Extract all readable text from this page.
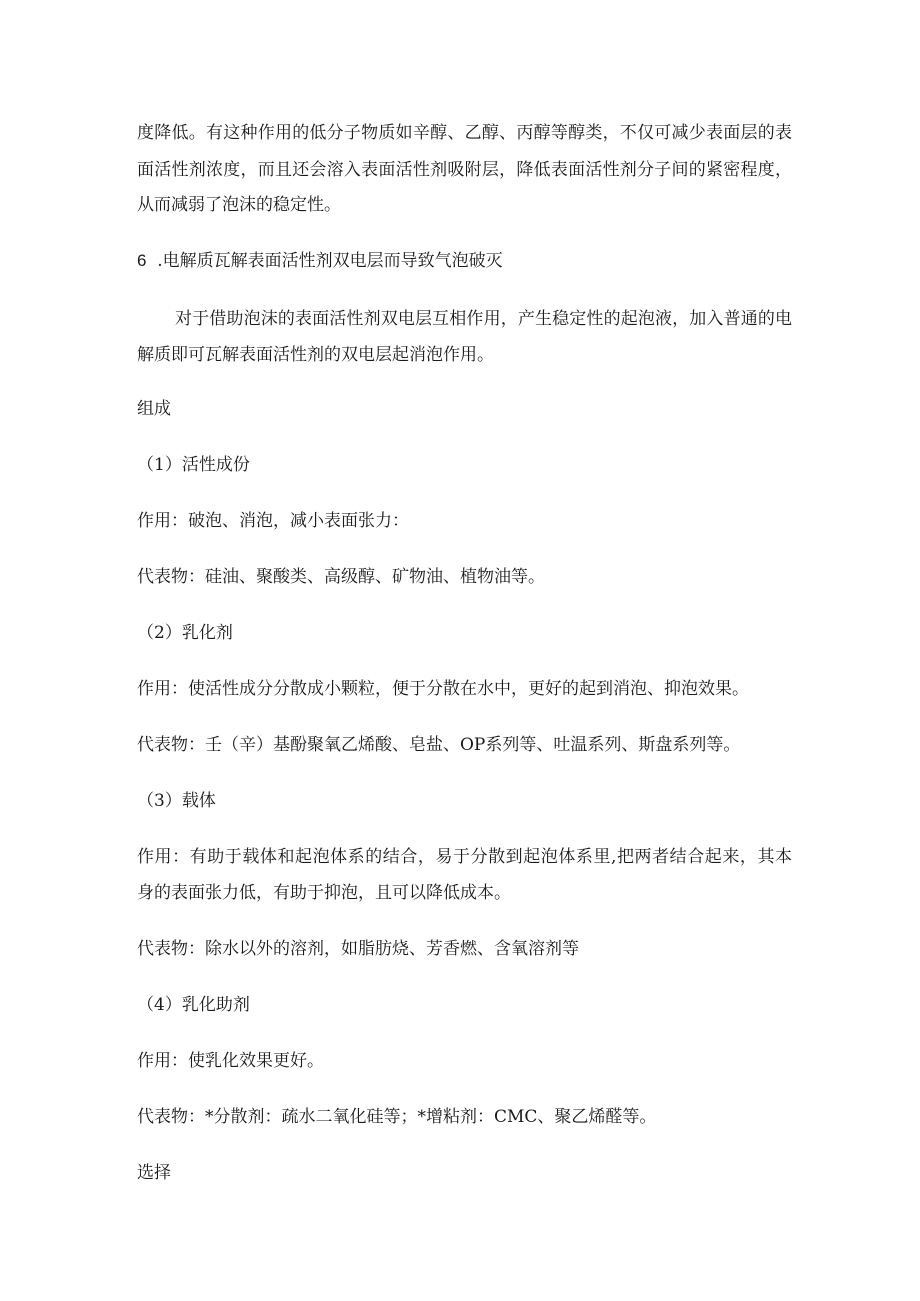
度降低。有这种作用的低分子物质如辛醇、乙醇、丙醇等醇类，不仅可减少表面层的表

面活性剂浓度，而且还会溶入表面活性剂吸附层，降低表面活性剂分子间的紧密程度，

从而减弱了泡沫的稳定性。

6 .电解质瓦解表面活性剂双电层而导致气泡破灭

对于借助泡沫的表面活性剂双电层互相作用，产生稳定性的起泡液，加入普通的电

解质即可瓦解表面活性剂的双电层起消泡作用。

组成

（1）活性成份

作用：破泡、消泡，减小表面张力：

代表物：硅油、聚酸类、高级醇、矿物油、植物油等。

（2）乳化剂

作用：使活性成分分散成小颗粒，便于分散在水中，更好的起到消泡、抑泡效果。

代表物：壬（辛）基酚聚氧乙烯酸、皂盐、OP系列等、吐温系列、斯盘系列等。

（3）载体

作用：有助于载体和起泡体系的结合，易于分散到起泡体系里,把两者结合起来，其本

身的表面张力低，有助于抑泡，且可以降低成本。

代表物：除水以外的溶剂，如脂肪烧、芳香燃、含氧溶剂等

（4）乳化助剂

作用：使乳化效果更好。

代表物：*分散剂：疏水二氧化硅等；*增粘剂：CMC、聚乙烯醛等。

选择
